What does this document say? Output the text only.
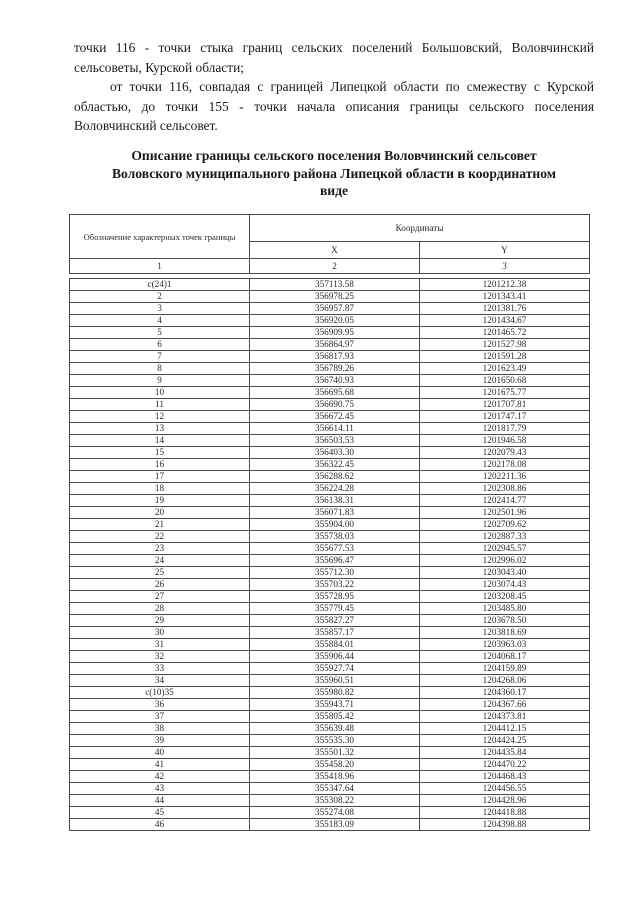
точки 116 - точки стыка границ сельских поселений Большовский, Воловчинский сельсоветы, Курской области;

от точки 116, совпадая с границей Липецкой области по смежеству с Курской областью, до точки 155 - точки начала описания границы сельского поселения Воловчинский сельсовет.

Описание границы сельского поселения Воловчинский сельсовет
Воловского муниципального района Липецкой области в координатном
виде
Обозначение характерных точек границы	Координаты	
	X	Y
1	2	3

с(24)1	357113.58	1201212.38
2	356978.25	1201343.41
3	356957.87	1201381.76
4	356920.05	1201434.67
5	356909.95	1201465.72
6	356864.97	1201527.98
7	356817.93	1201591.28
8	356789.26	1201623.49
9	356740.93	1201650.68
10	356695.68	1201675.77
11	356690.75	1201707.81
12	356672.45	1201747.17
13	356614.11	1201817.79
14	356503.53	1201946.58
15	356403.30	1202079.43
16	356322.45	1202178.08
17	356288.62	1202211.36
18	356224.28	1202308.86
19	356138.31	1202414.77
20	356071.83	1202501.96
21	355904.00	1202709.62
22	355738.03	1202887.33
23	355677.53	1202945.57
24	355696.47	1202996.02
25	355712.30	1203043.40
26	355703.22	1203074.43
27	355728.95	1203208.45
28	355779.45	1203485.80
29	355827.27	1203678.50
30	355857.17	1203818.69
31	355884.01	1203963.03
32	355906.44	1204068.17
33	355927.74	1204159.89
34	355960.51	1204268.06
с(10)35	355980.82	1204360.17
36	355943.71	1204367.66
37	355805.42	1204373.81
38	355639.48	1204412.15
39	355535.30	1204424.25
40	355501.32	1204435.84
41	355458.20	1204470.22
42	355418.96	1204468.43
43	355347.64	1204456.55
44	355308.22	1204428.96
45	355274.08	1204418.88
46	355183.09	1204398.88
